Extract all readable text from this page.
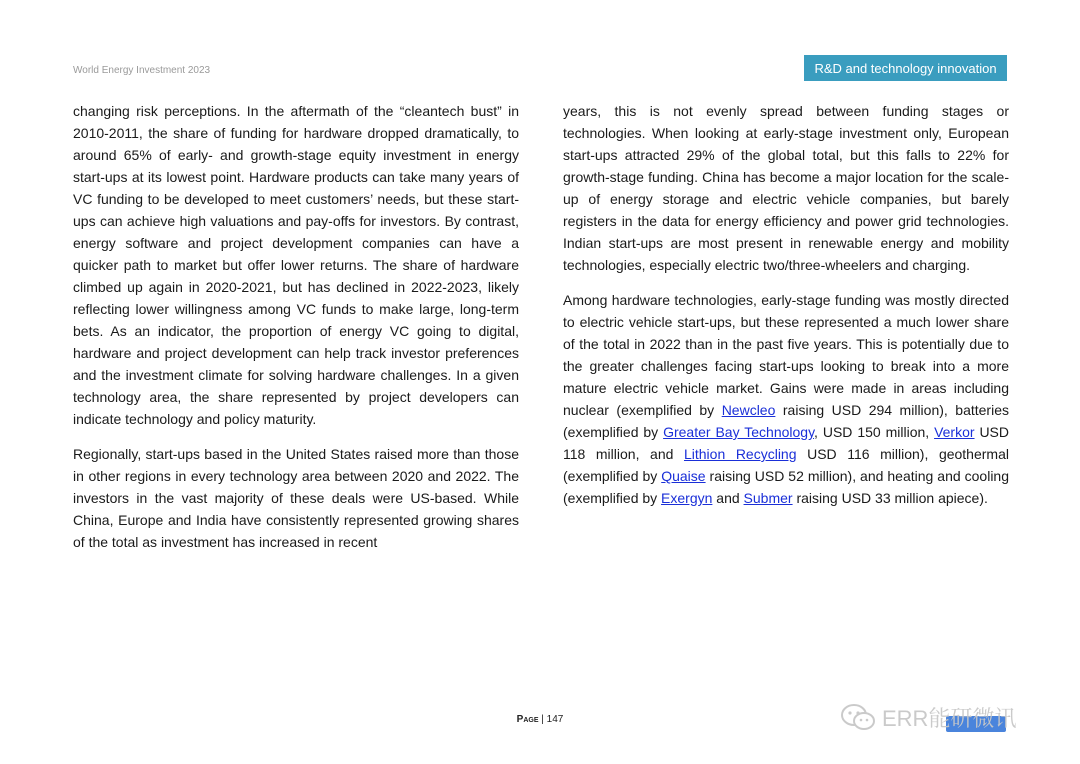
World Energy Investment 2023	R&D and technology innovation

changing risk perceptions. In the aftermath of the “cleantech bust” in 2010-2011, the share of funding for hardware dropped dramatically, to around 65% of early- and growth-stage equity investment in energy start-ups at its lowest point. Hardware products can take many years of VC funding to be developed to meet customers’ needs, but these start-ups can achieve high valuations and pay-offs for investors. By contrast, energy software and project development companies can have a quicker path to market but offer lower returns. The share of hardware climbed up again in 2020-2021, but has declined in 2022-2023, likely reflecting lower willingness among VC funds to make large, long-term bets. As an indicator, the proportion of energy VC going to digital, hardware and project development can help track investor preferences and the investment climate for solving hardware challenges. In a given technology area, the share represented by project developers can indicate technology and policy maturity.

Regionally, start-ups based in the United States raised more than those in other regions in every technology area between 2020 and 2022. The investors in the vast majority of these deals were US-based. While China, Europe and India have consistently represented growing shares of the total as investment has increased in recent

years, this is not evenly spread between funding stages or technologies. When looking at early-stage investment only, European start-ups attracted 29% of the global total, but this falls to 22% for growth-stage funding. China has become a major location for the scale-up of energy storage and electric vehicle companies, but barely registers in the data for energy efficiency and power grid technologies. Indian start-ups are most present in renewable energy and mobility technologies, especially electric two/three-wheelers and charging.

Among hardware technologies, early-stage funding was mostly directed to electric vehicle start-ups, but these represented a much lower share of the total in 2022 than in the past five years. This is potentially due to the greater challenges facing start-ups looking to break into a more mature electric vehicle market. Gains were made in areas including nuclear (exemplified by Newcleo raising USD 294 million), batteries (exemplified by Greater Bay Technology, USD 150 million, Verkor USD 118 million, and Lithion Recycling USD 116 million), geothermal (exemplified by Quaise raising USD 52 million), and heating and cooling (exemplified by Exergyn and Submer raising USD 33 million apiece).

Page | 147	ERR能研微讯
